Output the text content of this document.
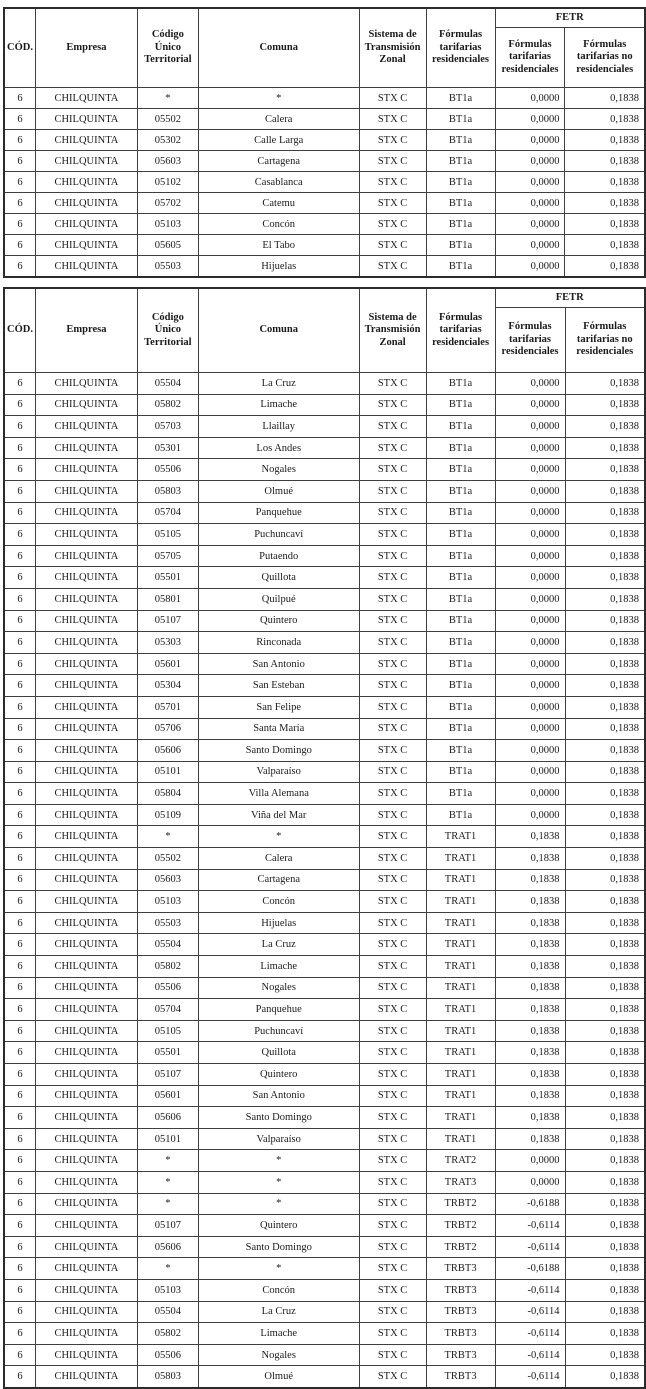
CÓD.	Empresa	Código Único Territorial	Comuna	Sistema de Transmisión Zonal	Fórmulas tarifarias residenciales	FETR	
						Fórmulas tarifarias residenciales	Fórmulas tarifarias no residenciales
6	CHILQUINTA	*	*	STX C	BT1a	0,0000	0,1838
6	CHILQUINTA	05502	Calera	STX C	BT1a	0,0000	0,1838
6	CHILQUINTA	05302	Calle Larga	STX C	BT1a	0,0000	0,1838
6	CHILQUINTA	05603	Cartagena	STX C	BT1a	0,0000	0,1838
6	CHILQUINTA	05102	Casablanca	STX C	BT1a	0,0000	0,1838
6	CHILQUINTA	05702	Catemu	STX C	BT1a	0,0000	0,1838
6	CHILQUINTA	05103	Concón	STX C	BT1a	0,0000	0,1838
6	CHILQUINTA	05605	El Tabo	STX C	BT1a	0,0000	0,1838
6	CHILQUINTA	05503	Hijuelas	STX C	BT1a	0,0000	0,1838
CÓD.	Empresa	Código Único Territorial	Comuna	Sistema de Transmisión Zonal	Fórmulas tarifarias residenciales	FETR	
						Fórmulas tarifarias residenciales	Fórmulas tarifarias no residenciales
6	CHILQUINTA	05504	La Cruz	STX C	BT1a	0,0000	0,1838
6	CHILQUINTA	05802	Limache	STX C	BT1a	0,0000	0,1838
6	CHILQUINTA	05703	Llaillay	STX C	BT1a	0,0000	0,1838
6	CHILQUINTA	05301	Los Andes	STX C	BT1a	0,0000	0,1838
6	CHILQUINTA	05506	Nogales	STX C	BT1a	0,0000	0,1838
6	CHILQUINTA	05803	Olmué	STX C	BT1a	0,0000	0,1838
6	CHILQUINTA	05704	Panquehue	STX C	BT1a	0,0000	0,1838
6	CHILQUINTA	05105	Puchuncaví	STX C	BT1a	0,0000	0,1838
6	CHILQUINTA	05705	Putaendo	STX C	BT1a	0,0000	0,1838
6	CHILQUINTA	05501	Quillota	STX C	BT1a	0,0000	0,1838
6	CHILQUINTA	05801	Quilpué	STX C	BT1a	0,0000	0,1838
6	CHILQUINTA	05107	Quintero	STX C	BT1a	0,0000	0,1838
6	CHILQUINTA	05303	Rinconada	STX C	BT1a	0,0000	0,1838
6	CHILQUINTA	05601	San Antonio	STX C	BT1a	0,0000	0,1838
6	CHILQUINTA	05304	San Esteban	STX C	BT1a	0,0000	0,1838
6	CHILQUINTA	05701	San Felipe	STX C	BT1a	0,0000	0,1838
6	CHILQUINTA	05706	Santa María	STX C	BT1a	0,0000	0,1838
6	CHILQUINTA	05606	Santo Domingo	STX C	BT1a	0,0000	0,1838
6	CHILQUINTA	05101	Valparaíso	STX C	BT1a	0,0000	0,1838
6	CHILQUINTA	05804	Villa Alemana	STX C	BT1a	0,0000	0,1838
6	CHILQUINTA	05109	Viña del Mar	STX C	BT1a	0,0000	0,1838
6	CHILQUINTA	*	*	STX C	TRAT1	0,1838	0,1838
6	CHILQUINTA	05502	Calera	STX C	TRAT1	0,1838	0,1838
6	CHILQUINTA	05603	Cartagena	STX C	TRAT1	0,1838	0,1838
6	CHILQUINTA	05103	Concón	STX C	TRAT1	0,1838	0,1838
6	CHILQUINTA	05503	Hijuelas	STX C	TRAT1	0,1838	0,1838
6	CHILQUINTA	05504	La Cruz	STX C	TRAT1	0,1838	0,1838
6	CHILQUINTA	05802	Limache	STX C	TRAT1	0,1838	0,1838
6	CHILQUINTA	05506	Nogales	STX C	TRAT1	0,1838	0,1838
6	CHILQUINTA	05704	Panquehue	STX C	TRAT1	0,1838	0,1838
6	CHILQUINTA	05105	Puchuncaví	STX C	TRAT1	0,1838	0,1838
6	CHILQUINTA	05501	Quillota	STX C	TRAT1	0,1838	0,1838
6	CHILQUINTA	05107	Quintero	STX C	TRAT1	0,1838	0,1838
6	CHILQUINTA	05601	San Antonio	STX C	TRAT1	0,1838	0,1838
6	CHILQUINTA	05606	Santo Domingo	STX C	TRAT1	0,1838	0,1838
6	CHILQUINTA	05101	Valparaíso	STX C	TRAT1	0,1838	0,1838
6	CHILQUINTA	*	*	STX C	TRAT2	0,0000	0,1838
6	CHILQUINTA	*	*	STX C	TRAT3	0,0000	0,1838
6	CHILQUINTA	*	*	STX C	TRBT2	-0,6188	0,1838
6	CHILQUINTA	05107	Quintero	STX C	TRBT2	-0,6114	0,1838
6	CHILQUINTA	05606	Santo Domingo	STX C	TRBT2	-0,6114	0,1838
6	CHILQUINTA	*	*	STX C	TRBT3	-0,6188	0,1838
6	CHILQUINTA	05103	Concón	STX C	TRBT3	-0,6114	0,1838
6	CHILQUINTA	05504	La Cruz	STX C	TRBT3	-0,6114	0,1838
6	CHILQUINTA	05802	Limache	STX C	TRBT3	-0,6114	0,1838
6	CHILQUINTA	05506	Nogales	STX C	TRBT3	-0,6114	0,1838
6	CHILQUINTA	05803	Olmué	STX C	TRBT3	-0,6114	0,1838
